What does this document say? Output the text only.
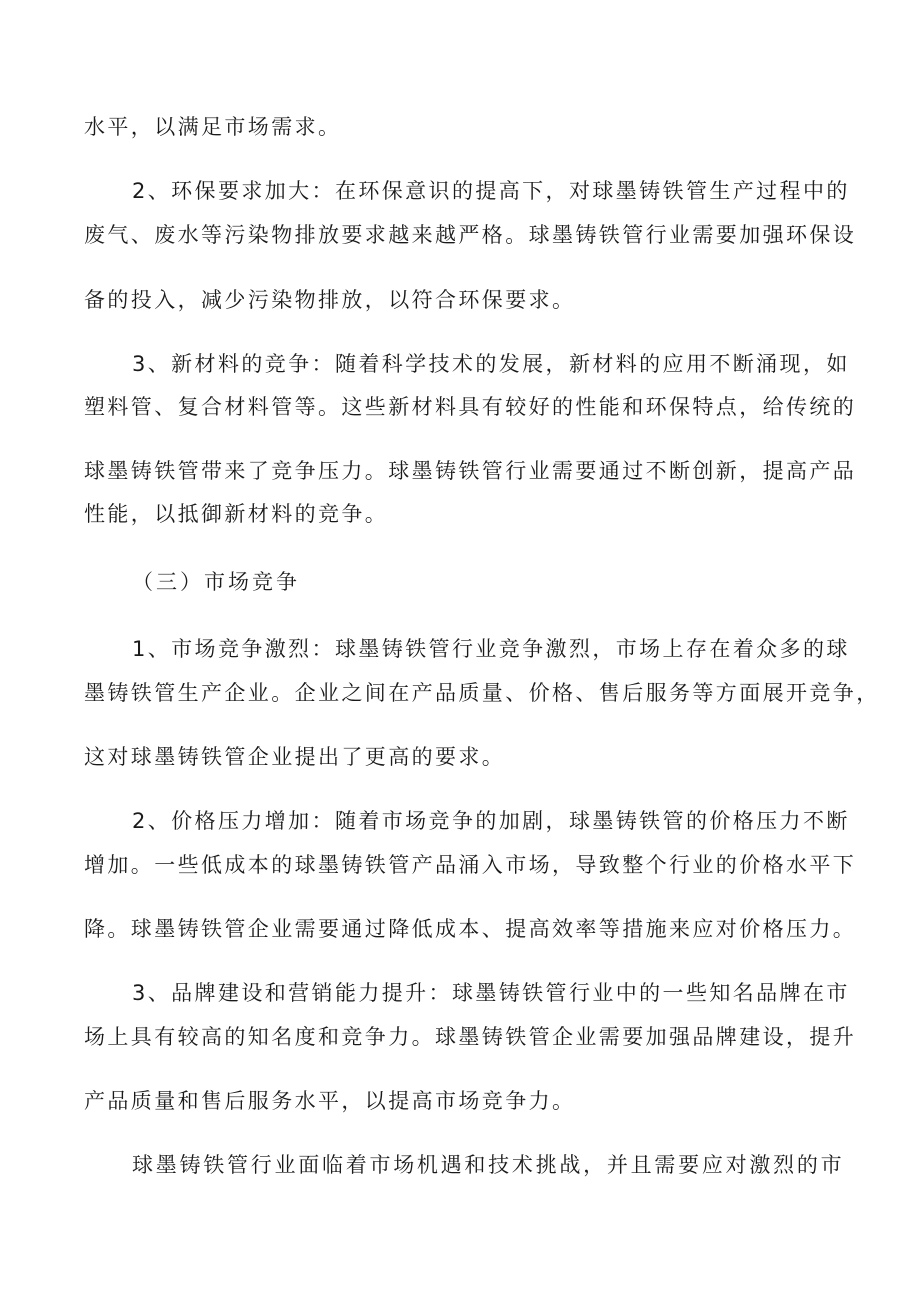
水平，以满足市场需求。
2、环保要求加大：在环保意识的提高下，对球墨铸铁管生产过程中的
废气、废水等污染物排放要求越来越严格。球墨铸铁管行业需要加强环保设
备的投入，减少污染物排放，以符合环保要求。
3、新材料的竞争：随着科学技术的发展，新材料的应用不断涌现，如
塑料管、复合材料管等。这些新材料具有较好的性能和环保特点，给传统的
球墨铸铁管带来了竞争压力。球墨铸铁管行业需要通过不断创新，提高产品
性能，以抵御新材料的竞争。
（三）市场竞争
1、市场竞争激烈：球墨铸铁管行业竞争激烈，市场上存在着众多的球
墨铸铁管生产企业。企业之间在产品质量、价格、售后服务等方面展开竞争，
这对球墨铸铁管企业提出了更高的要求。
2、价格压力增加：随着市场竞争的加剧，球墨铸铁管的价格压力不断
增加。一些低成本的球墨铸铁管产品涌入市场，导致整个行业的价格水平下
降。球墨铸铁管企业需要通过降低成本、提高效率等措施来应对价格压力。
3、品牌建设和营销能力提升：球墨铸铁管行业中的一些知名品牌在市
场上具有较高的知名度和竞争力。球墨铸铁管企业需要加强品牌建设，提升
产品质量和售后服务水平，以提高市场竞争力。
球墨铸铁管行业面临着市场机遇和技术挑战，并且需要应对激烈的市
